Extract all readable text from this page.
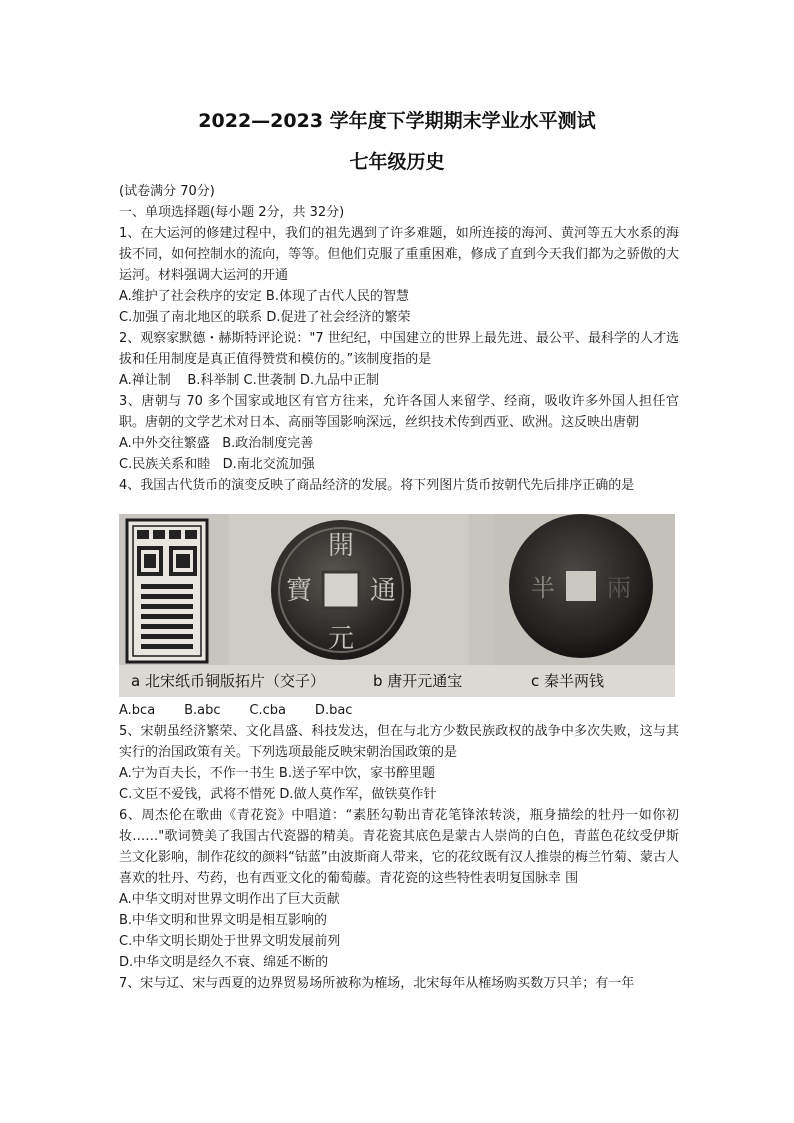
2022—2023 学年度下学期期末学业水平测试
七年级历史

(试卷满分 70分)

一、单项选择题(每小题 2分，共 32分)

1、在大运河的修建过程中，我们的祖先遇到了许多难题，如所连接的海河、黄河等五大水系的海拔不同，如何控制水的流向，等等。但他们克服了重重困难，修成了直到今天我们都为之骄傲的大运河。材料强调大运河的开通

A.维护了社会秩序的安定 B.体现了古代人民的智慧

C.加强了南北地区的联系 D.促进了社会经济的繁荣

2、观察家默德・赫斯特评论说："7 世纪纪，中国建立的世界上最先进、最公平、最科学的人才选拔和任用制度是真正值得赞赏和模仿的。”该制度指的是

A.禅让制    B.科举制 C.世袭制 D.九品中正制

3、唐朝与 70 多个国家或地区有官方往来，允许各国人来留学、经商，吸收许多外国人担任官职。唐朝的文学艺术对日本、高丽等国影响深远，丝织技术传到西亚、欧洲。这反映出唐朝

A.中外交往繁盛   B.政治制度完善

C.民族关系和睦   D.南北交流加强

4、我国古代货币的演变反映了商品经济的发展。将下列图片货币按朝代先后排序正确的是

開
元
通
寶	半 兩
a 北宋纸币铜版拓片（交子）	b 唐开元通宝	c 秦半两钱

A.bca       B.abc       C.cba       D.bac

5、宋朝虽经济繁荣、文化昌盛、科技发达，但在与北方少数民族政权的战争中多次失败，这与其实行的治国政策有关。下列选项最能反映宋朝治国政策的是

A.宁为百夫长，不作一书生 B.送子军中饮，家书醉里题

C.文臣不爱钱，武将不惜死 D.做人莫作军，做铁莫作针

6、周杰伦在歌曲《青花瓷》中唱道：“素胚勾勒出青花笔锋浓转淡，瓶身描绘的牡丹一如你初妆……"歌词赞美了我国古代瓷器的精美。青花瓷其底色是蒙古人崇尚的白色，青蓝色花纹受伊斯兰文化影响，制作花纹的颜料“钴蓝”由波斯商人带来，它的花纹既有汉人推崇的梅兰竹菊、蒙古人喜欢的牡丹、芍药，也有西亚文化的葡萄藤。青花瓷的这些特性表明复国脉幸 围

A.中华文明对世界文明作出了巨大贡献

B.中华文明和世界文明是相互影响的

C.中华文明长期处于世界文明发展前列

D.中华文明是经久不衰、绵延不断的

7、宋与辽、宋与西夏的边界贸易场所被称为榷场，北宋每年从榷场购买数万只羊；有一年
